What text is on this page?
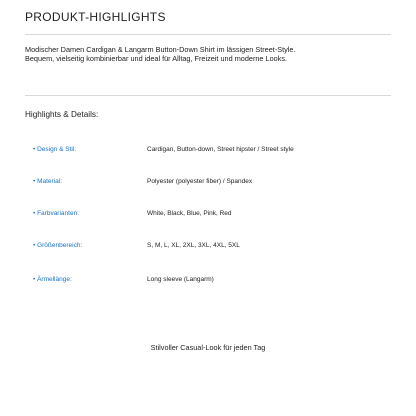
PRODUKT-HIGHLIGHTS

Modischer Damen Cardigan & Langarm Button-Down Shirt im lässigen Street-Style.

Bequem, vielseitig kombinierbar und ideal für Alltag, Freizeit und moderne Looks.

Highlights & Details:
• Design & Stil:	Cardigan, Button-down, Street hipster / Street style
• Material:	Polyester (polyester fiber) / Spandex
• Farbvarianten:	White, Black, Blue, Pink, Red
• Größenbereich:	S, M, L, XL, 2XL, 3XL, 4XL, 5XL
• Ärmellänge:	Long sleeve (Langarm)
Stilvoller Casual-Look für jeden Tag
